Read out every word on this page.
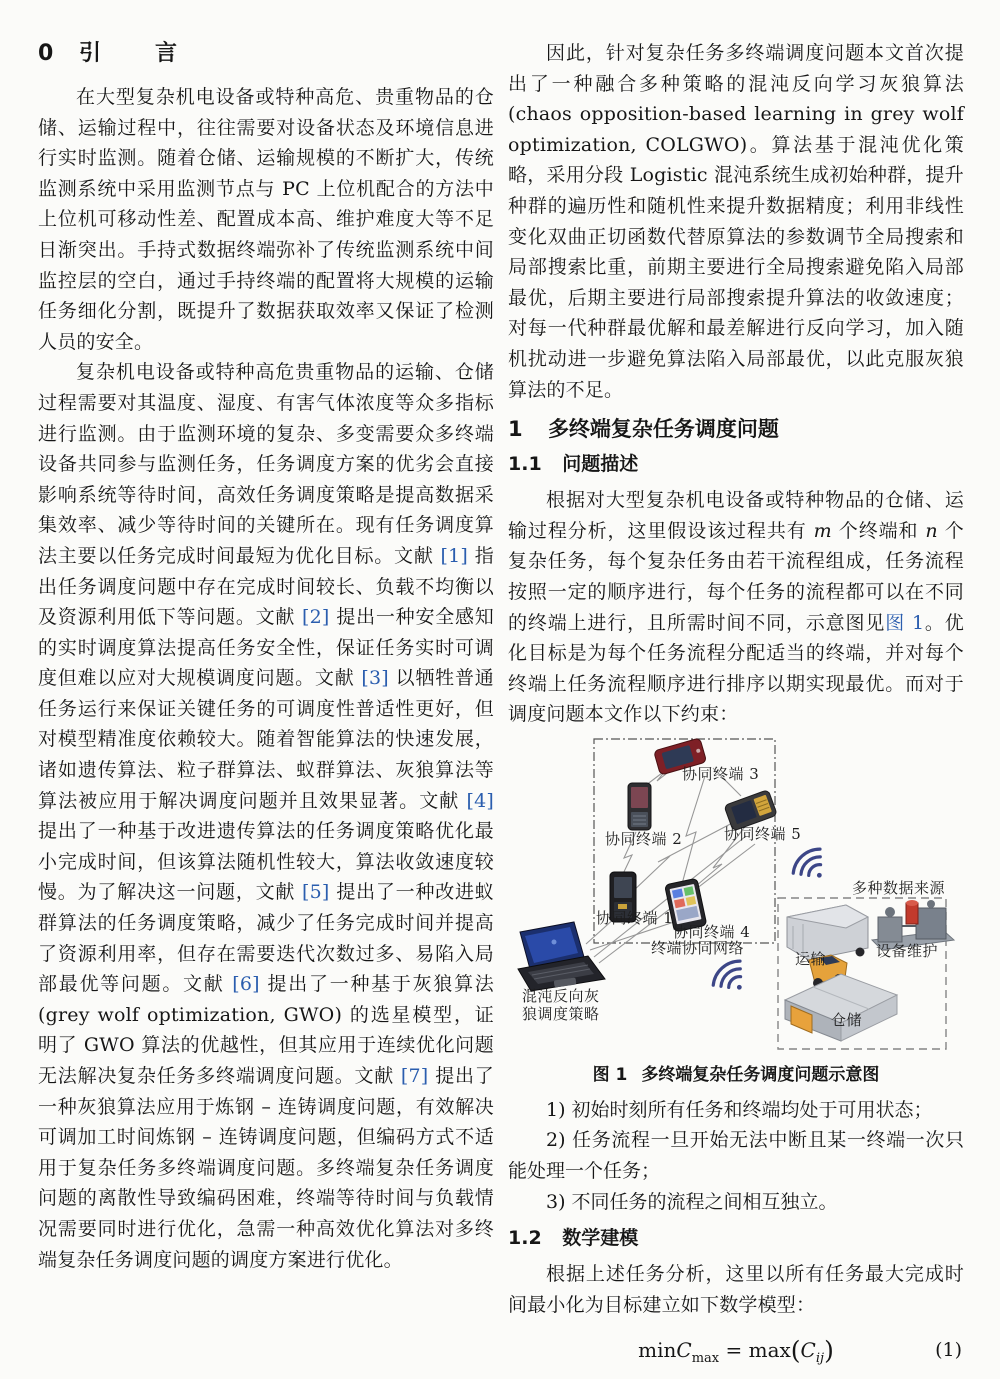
0 引　言

在大型复杂机电设备或特种高危、贵重物品的仓储、运输过程中，往往需要对设备状态及环境信息进行实时监测。随着仓储、运输规模的不断扩大，传统监测系统中采用监测节点与 PC 上位机配合的方法中上位机可移动性差、配置成本高、维护难度大等不足日渐突出。手持式数据终端弥补了传统监测系统中间监控层的空白，通过手持终端的配置将大规模的运输任务细化分割，既提升了数据获取效率又保证了检测人员的安全。

复杂机电设备或特种高危贵重物品的运输、仓储过程需要对其温度、湿度、有害气体浓度等众多指标进行监测。由于监测环境的复杂、多变需要众多终端设备共同参与监测任务，任务调度方案的优劣会直接影响系统等待时间，高效任务调度策略是提高数据采集效率、减少等待时间的关键所在。现有任务调度算法主要以任务完成时间最短为优化目标。文献 [1] 指出任务调度问题中存在完成时间较长、负载不均衡以及资源利用低下等问题。文献 [2] 提出一种安全感知的实时调度算法提高任务安全性，保证任务实时可调度但难以应对大规模调度问题。文献 [3] 以牺牲普通任务运行来保证关键任务的可调度性普适性更好，但对模型精准度依赖较大。随着智能算法的快速发展，诸如遗传算法、粒子群算法、蚁群算法、灰狼算法等算法被应用于解决调度问题并且效果显著。文献 [4] 提出了一种基于改进遗传算法的任务调度策略优化最小完成时间，但该算法随机性较大，算法收敛速度较慢。为了解决这一问题，文献 [5] 提出了一种改进蚁群算法的任务调度策略，减少了任务完成时间并提高了资源利用率，但存在需要迭代次数过多、易陷入局部最优等问题。文献 [6] 提出了一种基于灰狼算法 (grey wolf optimization, GWO) 的选星模型，证明了 GWO 算法的优越性，但其应用于连续优化问题无法解决复杂任务多终端调度问题。文献 [7] 提出了一种灰狼算法应用于炼钢 – 连铸调度问题，有效解决可调加工时间炼钢 – 连铸调度问题，但编码方式不适用于复杂任务多终端调度问题。多终端复杂任务调度问题的离散性导致编码困难，终端等待时间与负载情况需要同时进行优化，急需一种高效优化算法对多终端复杂任务调度问题的调度方案进行优化。

因此，针对复杂任务多终端调度问题本文首次提出了一种融合多种策略的混沌反向学习灰狼算法 (chaos opposition-based learning in grey wolf optimization, COLGWO)。算法基于混沌优化策略，采用分段 Logistic 混沌系统生成初始种群，提升种群的遍历性和随机性来提升数据精度；利用非线性变化双曲正切函数代替原算法的参数调节全局搜索和局部搜索比重，前期主要进行全局搜索避免陷入局部最优，后期主要进行局部搜索提升算法的收敛速度；对每一代种群最优解和最差解进行反向学习，加入随机扰动进一步避免算法陷入局部最优，以此克服灰狼算法的不足。

1 多终端复杂任务调度问题
1.1 问题描述

根据对大型复杂机电设备或特种物品的仓储、运输过程分析，这里假设该过程共有 m 个终端和 n 个复杂任务，每个复杂任务由若干流程组成，任务流程按照一定的顺序进行，每个任务的流程都可以在不同的终端上进行，且所需时间不同，示意图见图 1。优化目标是为每个任务流程分配适当的终端，并对每个终端上任务流程顺序进行排序以期实现最优。而对于调度问题本文作以下约束：

协同终端 3
协同终端 2	协同终端 5
协同终端 1
协同终端 4
终端协同网络
多种数据来源
运输	设备维护
仓储
混沌反向灰
狼调度策略
图 1 多终端复杂任务调度问题示意图

1) 初始时刻所有任务和终端均处于可用状态；

2) 任务流程一旦开始无法中断且某一终端一次只能处理一个任务；

3) 不同任务的流程之间相互独立。

1.2 数学建模

根据上述任务分析，这里以所有任务最大完成时间最小化为目标建立如下数学模型：

$\min C_{max} = \max(C_{ij})$	(1)
